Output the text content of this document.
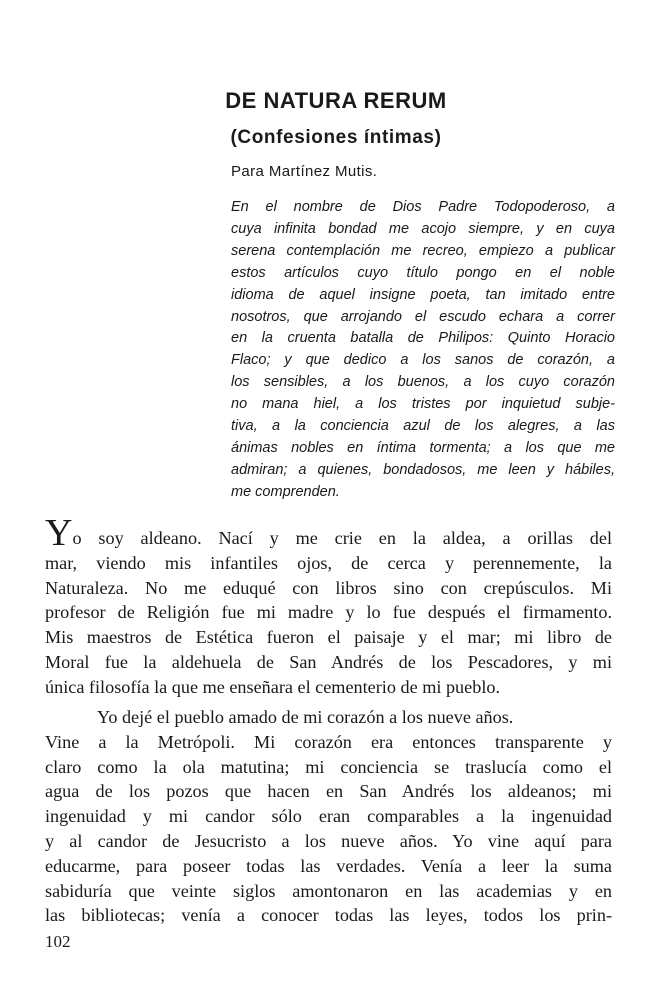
DE NATURA RERUM
(Confesiones íntimas)

Para Martínez Mutis.

En el nombre de Dios Padre Todopoderoso, a
cuya infinita bondad me acojo siempre, y en cuya
serena contemplación me recreo, empiezo a publicar
estos artículos cuyo título pongo en el noble
idioma de aquel insigne poeta, tan imitado entre
nosotros, que arrojando el escudo echara a correr
en la cruenta batalla de Philipos: Quinto Horacio
Flaco; y que dedico a los sanos de corazón, a
los sensibles, a los buenos, a los cuyo corazón
no mana hiel, a los tristes por inquietud subje-
tiva, a la conciencia azul de los alegres, a las
ánimas nobles en íntima tormenta; a los que me
admiran; a quienes, bondadosos, me leen y hábiles,
me comprenden.
Yo soy aldeano. Nací y me crie en la aldea, a orillas del
mar, viendo mis infantiles ojos, de cerca y perennemente, la
Naturaleza. No me eduqué con libros sino con crepúsculos. Mi
profesor de Religión fue mi madre y lo fue después el firmamento.
Mis maestros de Estética fueron el paisaje y el mar; mi libro de
Moral fue la aldehuela de San Andrés de los Pescadores, y mi
única filosofía la que me enseñara el cementerio de mi pueblo.
Yo dejé el pueblo amado de mi corazón a los nueve años.
Vine a la Metrópoli. Mi corazón era entonces transparente y
claro como la ola matutina; mi conciencia se traslucía como el
agua de los pozos que hacen en San Andrés los aldeanos; mi
ingenuidad y mi candor sólo eran comparables a la ingenuidad
y al candor de Jesucristo a los nueve años. Yo vine aquí para
educarme, para poseer todas las verdades. Venía a leer la suma
sabiduría que veinte siglos amontonaron en las academias y en
las bibliotecas; venía a conocer todas las leyes, todos los prin-

102
